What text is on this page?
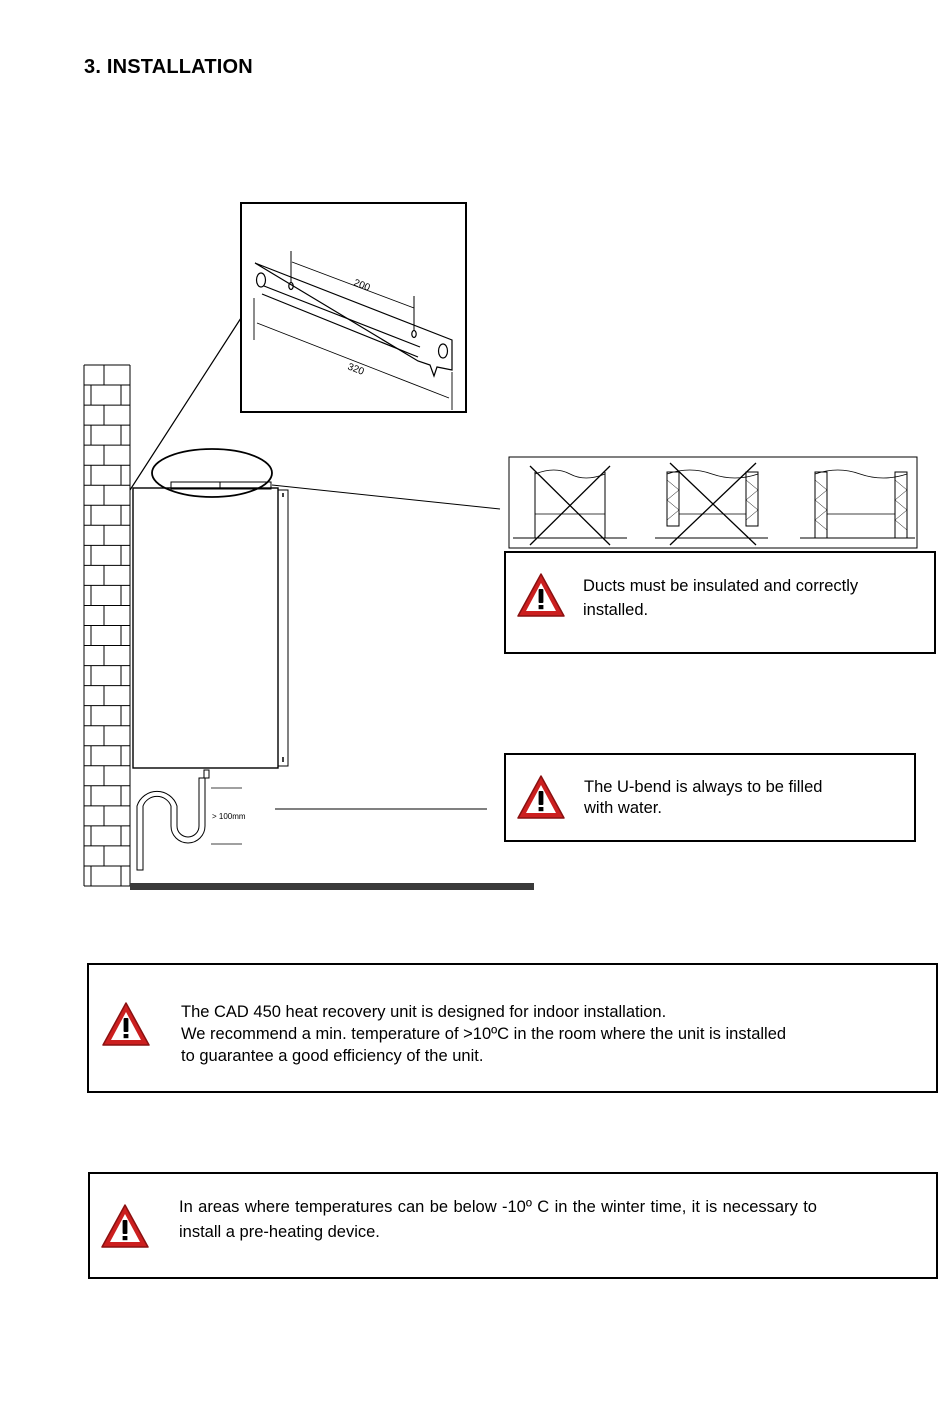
3. INSTALLATION
200
320
> 100mm
Ducts must be insulated and correctly installed.
The U-bend is always to be filled
with water.
The CAD 450 heat recovery unit is designed for indoor installation.
We recommend a min. temperature of >10ºC in the room where the unit is installed
to guarantee a good efficiency of the unit.
In areas where temperatures can be below -10º C in the winter time, it is necessary to install a pre-heating device.
